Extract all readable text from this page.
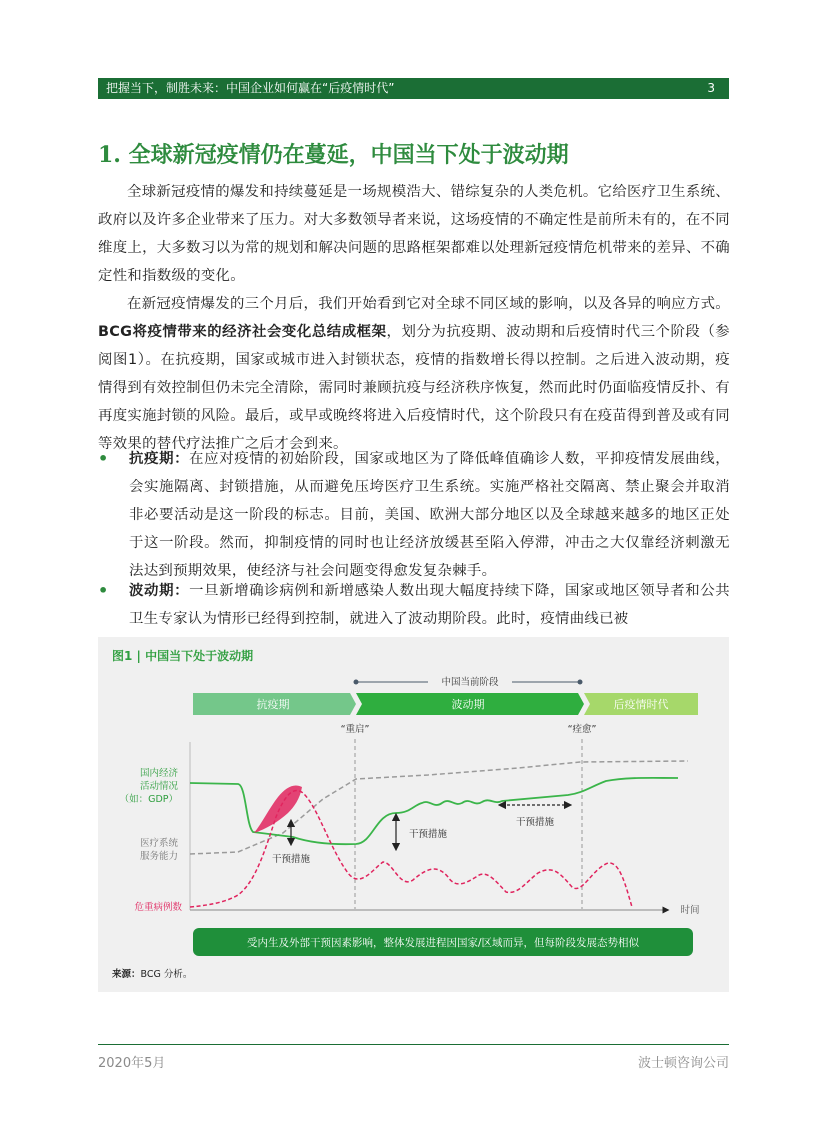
把握当下，制胜未来：中国企业如何赢在“后疫情时代”	3
1. 全球新冠疫情仍在蔓延，中国当下处于波动期

全球新冠疫情的爆发和持续蔓延是一场规模浩大、错综复杂的人类危机。它给医疗卫生系统、政府以及许多企业带来了压力。对大多数领导者来说，这场疫情的不确定性是前所未有的，在不同维度上，大多数习以为常的规划和解决问题的思路框架都难以处理新冠疫情危机带来的差异、不确定性和指数级的变化。

在新冠疫情爆发的三个月后，我们开始看到它对全球不同区域的影响，以及各异的响应方式。BCG将疫情带来的经济社会变化总结成框架，划分为抗疫期、波动期和后疫情时代三个阶段（参阅图1）。在抗疫期，国家或城市进入封锁状态，疫情的指数增长得以控制。之后进入波动期，疫情得到有效控制但仍未完全清除，需同时兼顾抗疫与经济秩序恢复，然而此时仍面临疫情反扑、有再度实施封锁的风险。最后，或早或晚终将进入后疫情时代，这个阶段只有在疫苗得到普及或有同等效果的替代疗法推广之后才会到来。

• 抗疫期：在应对疫情的初始阶段，国家或地区为了降低峰值确诊人数，平抑疫情发展曲线，会实施隔离、封锁措施，从而避免压垮医疗卫生系统。实施严格社交隔离、禁止聚会并取消非必要活动是这一阶段的标志。目前，美国、欧洲大部分地区以及全球越来越多的地区正处于这一阶段。然而，抑制疫情的同时也让经济放缓甚至陷入停滞，冲击之大仅靠经济刺激无法达到预期效果，使经济与社会问题变得愈发复杂棘手。
• 波动期：一旦新增确诊病例和新增感染人数出现大幅度持续下降，国家或地区领导者和公共卫生专家认为情形已经得到控制，就进入了波动期阶段。此时，疫情曲线已被
图1 | 中国当下处于波动期
中国当前阶段
抗疫期	波动期	后疫情时代
“重启”	“痊愈”
国内经济
活动情况
（如：GDP）
医疗系统
服务能力
危重病例数	时间
干预措施
干预措施
干预措施
受内生及外部干预因素影响，整体发展进程因国家/区域而异，但每阶段发展态势相似
来源：BCG 分析。
2020年5月	波士顿咨询公司
